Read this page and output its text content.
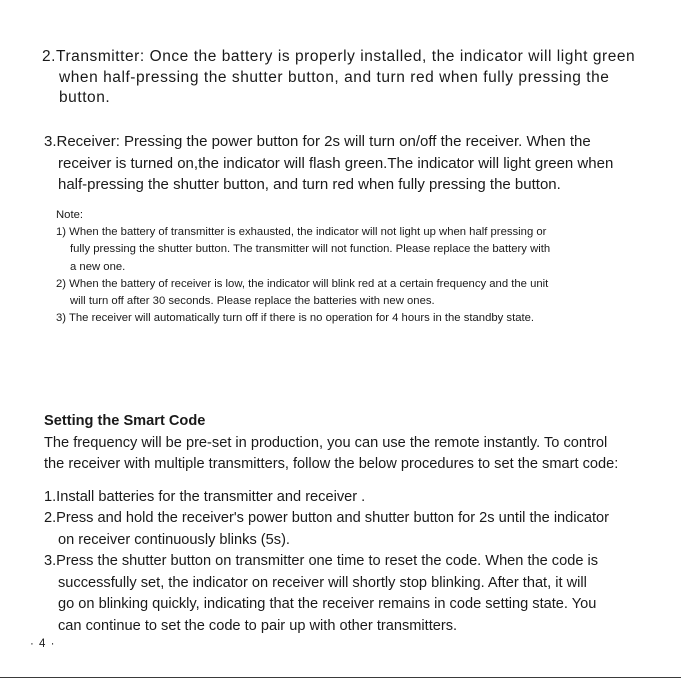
2.Transmitter: Once the battery is properly installed, the indicator will light green
when half-pressing the shutter button, and turn red when fully pressing the
button.

3.Receiver: Pressing the power button for 2s will turn on/off the receiver. When the
receiver is turned on,the indicator will flash green.The indicator will light green when
half-pressing the shutter button, and turn red when fully pressing the button.

Note:
1) When the battery of transmitter is exhausted, the indicator will not light up when half pressing or
fully pressing the shutter button. The transmitter will not function. Please replace the battery with
a new one.
2) When the battery of receiver is low, the indicator will blink red at a certain frequency and the unit
will turn off after 30 seconds. Please replace the batteries with new ones.
3) The receiver will automatically turn off if there is no operation for 4 hours in the standby state.
Setting the Smart Code
The frequency will be pre-set in production, you can use the remote instantly. To control
the receiver with multiple transmitters, follow the below procedures to set the smart code:
1.Install batteries for the transmitter and receiver .
2.Press and hold the receiver's power button and shutter button for 2s until the indicator
on receiver continuously blinks (5s).
3.Press the shutter button on transmitter one time to reset the code. When the code is
successfully set, the indicator on receiver will shortly stop blinking. After that, it will
go on blinking quickly, indicating that the receiver remains in code setting state. You
can continue to set the code to pair up with other transmitters.
· 4 ·
